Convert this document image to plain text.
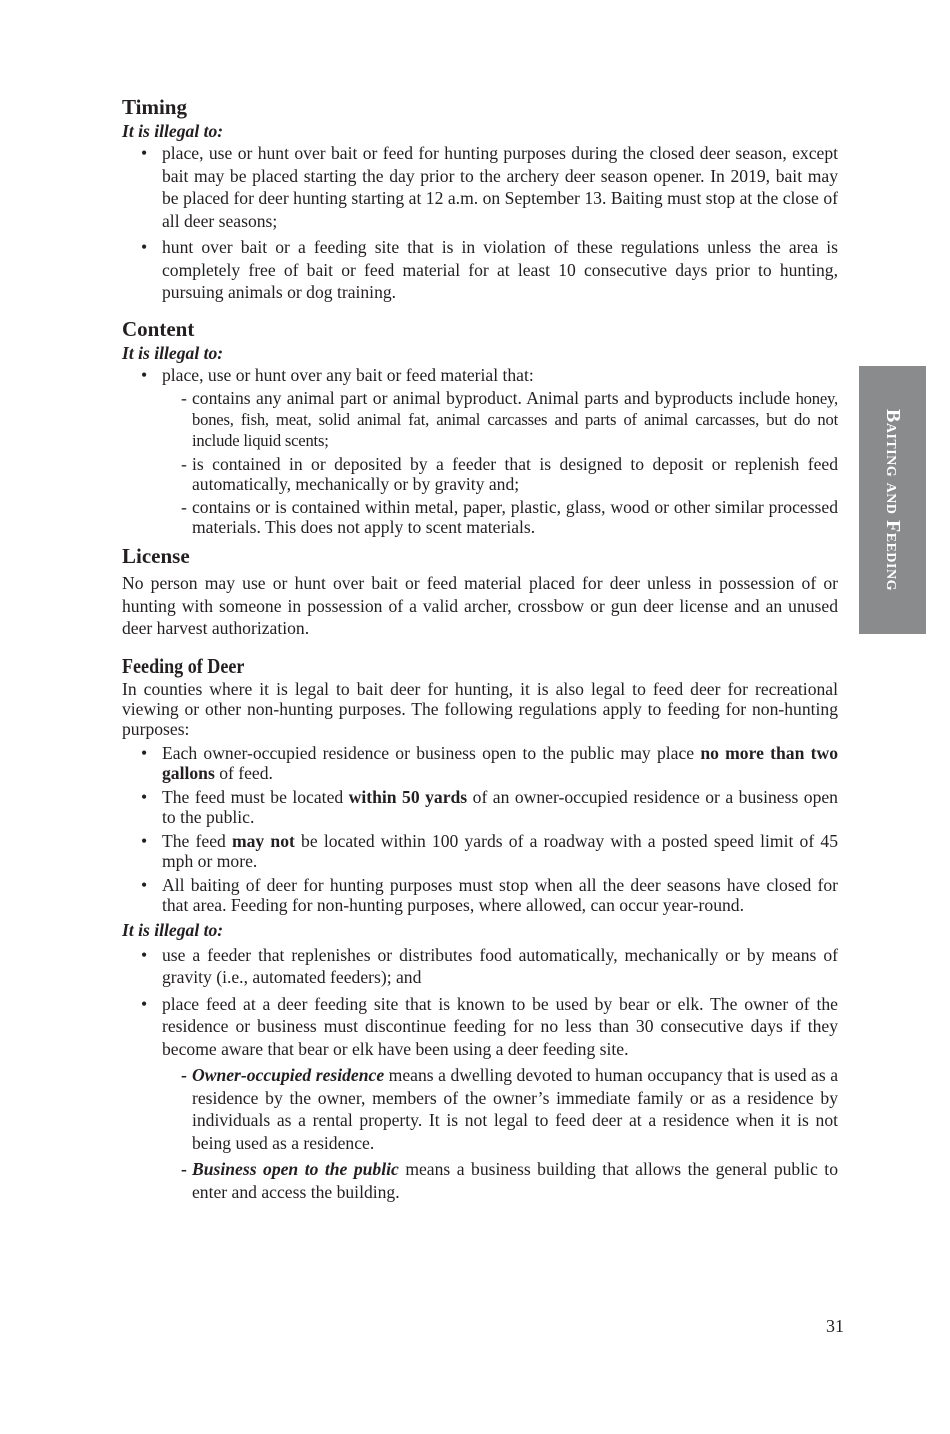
Timing
It is illegal to:
• place, use or hunt over bait or feed for hunting purposes during the closed deer season, except bait may be placed starting the day prior to the archery deer season opener. In 2019, bait may be placed for deer hunting starting at 12 a.m. on September 13. Baiting must stop at the close of all deer seasons;
• hunt over bait or a feeding site that is in violation of these regulations unless the area is completely free of bait or feed material for at least 10 consecutive days prior to hunting, pursuing animals or dog training.
Content
It is illegal to:
• place, use or hunt over any bait or feed material that:
- contains any animal part or animal byproduct. Animal parts and byproducts include honey, bones, fish, meat, solid animal fat, animal carcasses and parts of animal carcasses, but do not include liquid scents;
- is contained in or deposited by a feeder that is designed to deposit or replenish feed automatically, mechanically or by gravity and;
- contains or is contained within metal, paper, plastic, glass, wood or other similar processed materials. This does not apply to scent materials.
License

No person may use or hunt over bait or feed material placed for deer unless in possession of or hunting with someone in possession of a valid archer, crossbow or gun deer license and an unused deer harvest authorization.

Feeding of Deer

In counties where it is legal to bait deer for hunting, it is also legal to feed deer for recreational viewing or other non-hunting purposes. The following regulations apply to feeding for non-hunting purposes:

• Each owner-occupied residence or business open to the public may place no more than two gallons of feed.
• The feed must be located within 50 yards of an owner-occupied residence or a business open to the public.
• The feed may not be located within 100 yards of a roadway with a posted speed limit of 45 mph or more.
• All baiting of deer for hunting purposes must stop when all the deer seasons have closed for that area. Feeding for non-hunting purposes, where allowed, can occur year-round.
It is illegal to:
• use a feeder that replenishes or distributes food automatically, mechanically or by means of gravity (i.e., automated feeders); and
• place feed at a deer feeding site that is known to be used by bear or elk. The owner of the residence or business must discontinue feeding for no less than 30 consecutive days if they become aware that bear or elk have been using a deer feeding site.
- Owner-occupied residence means a dwelling devoted to human occupancy that is used as a residence by the owner, members of the owner’s immediate family or as a residence by individuals as a rental property. It is not legal to feed deer at a residence when it is not being used as a residence.
- Business open to the public means a business building that allows the general public to enter and access the building.
Baiting and Feeding
31
